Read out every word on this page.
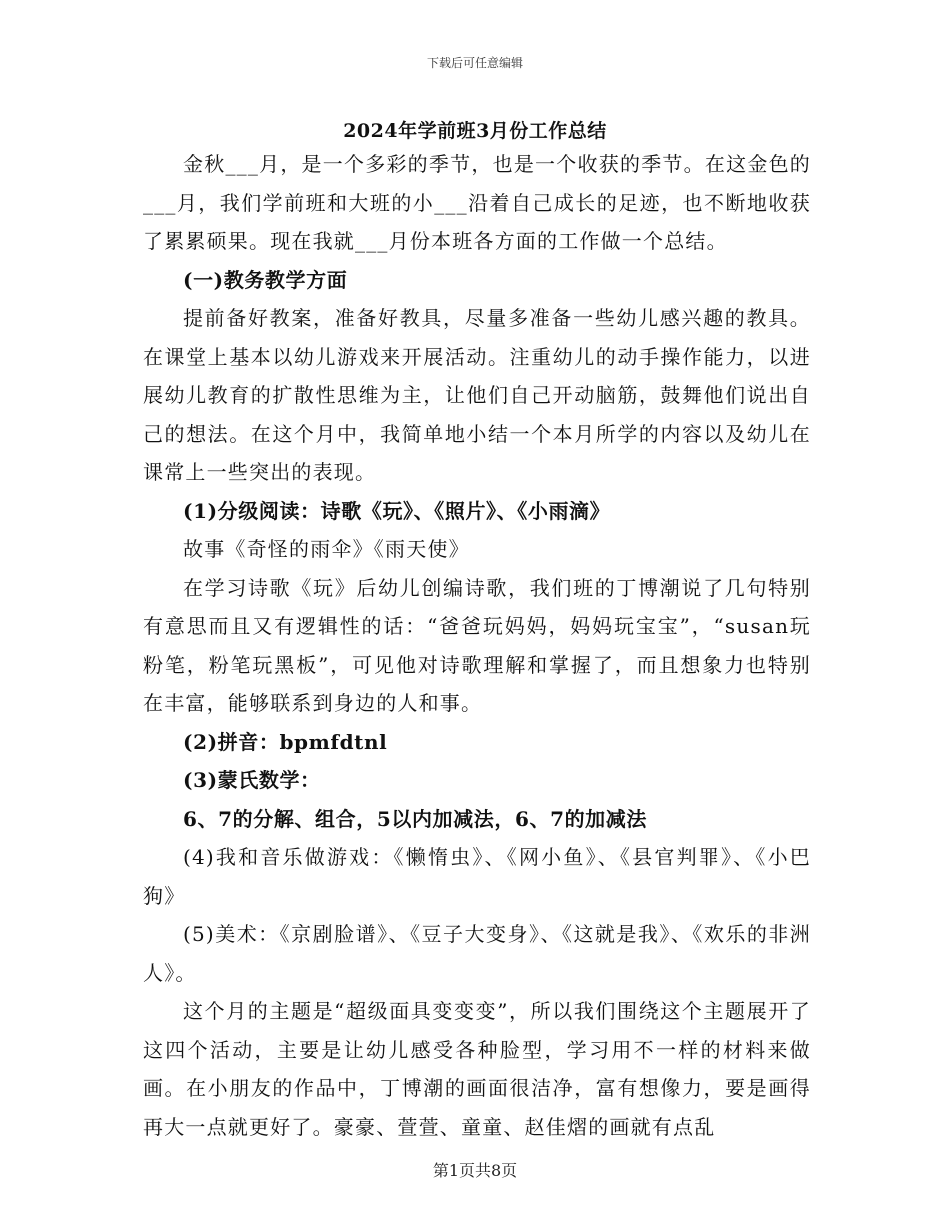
下载后可任意编辑
2024年学前班3月份工作总结

金秋___月，是一个多彩的季节，也是一个收获的季节。在这金色的___月，我们学前班和大班的小___沿着自己成长的足迹，也不断地收获了累累硕果。现在我就___月份本班各方面的工作做一个总结。

(一)教务教学方面

提前备好教案，准备好教具，尽量多准备一些幼儿感兴趣的教具。在课堂上基本以幼儿游戏来开展活动。注重幼儿的动手操作能力，以进展幼儿教育的扩散性思维为主，让他们自己开动脑筋，鼓舞他们说出自己的想法。在这个月中，我简单地小结一个本月所学的内容以及幼儿在课常上一些突出的表现。

(1)分级阅读：诗歌《玩》、《照片》、《小雨滴》

故事《奇怪的雨伞》《雨天使》

在学习诗歌《玩》后幼儿创编诗歌，我们班的丁博潮说了几句特别有意思而且又有逻辑性的话：“爸爸玩妈妈，妈妈玩宝宝”，“susan玩粉笔，粉笔玩黑板”，可见他对诗歌理解和掌握了，而且想象力也特别在丰富，能够联系到身边的人和事。

(2)拼音：bpmfdtnl

(3)蒙氏数学：

6、7的分解、组合，5以内加减法，6、7的加减法

(4)我和音乐做游戏：《懒惰虫》、《网小鱼》、《县官判罪》、《小巴狗》

(5)美术：《京剧脸谱》、《豆子大变身》、《这就是我》、《欢乐的非洲人》。

这个月的主题是“超级面具变变变”，所以我们围绕这个主题展开了这四个活动，主要是让幼儿感受各种脸型，学习用不一样的材料来做画。在小朋友的作品中，丁博潮的画面很洁净，富有想像力，要是画得再大一点就更好了。豪豪、萱萱、童童、赵佳熠的画就有点乱

第1页共8页
